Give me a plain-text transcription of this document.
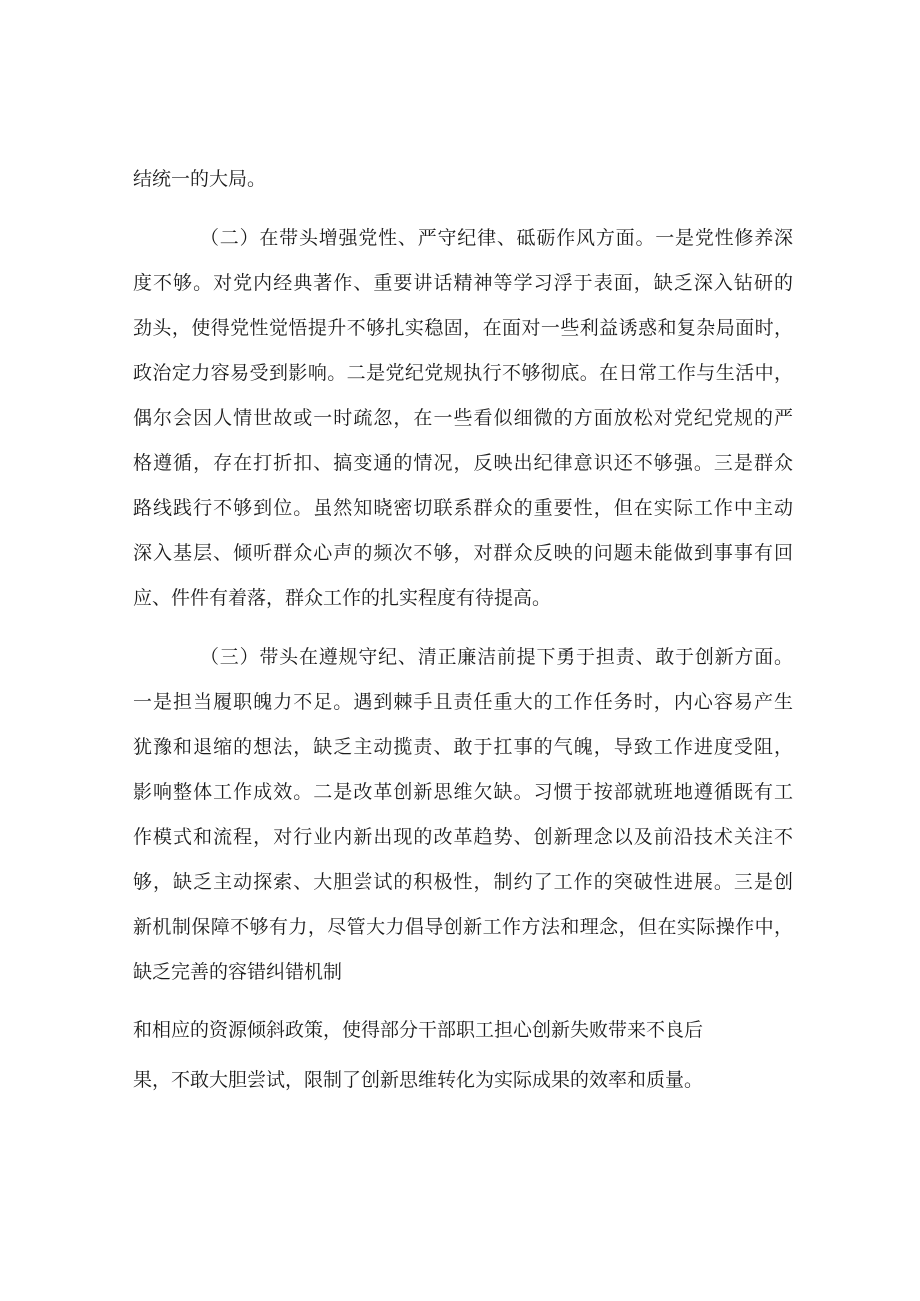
结统一的大局。
（二）在带头增强党性、严守纪律、砥砺作风方面。一是党性修养深
度不够。对党内经典著作、重要讲话精神等学习浮于表面，缺乏深入钻研的
劲头，使得党性觉悟提升不够扎实稳固，在面对一些利益诱惑和复杂局面时，
政治定力容易受到影响。二是党纪党规执行不够彻底。在日常工作与生活中，
偶尔会因人情世故或一时疏忽，在一些看似细微的方面放松对党纪党规的严
格遵循，存在打折扣、搞变通的情况，反映出纪律意识还不够强。三是群众
路线践行不够到位。虽然知晓密切联系群众的重要性，但在实际工作中主动
深入基层、倾听群众心声的频次不够，对群众反映的问题未能做到事事有回
应、件件有着落，群众工作的扎实程度有待提高。
（三）带头在遵规守纪、清正廉洁前提下勇于担责、敢于创新方面。
一是担当履职魄力不足。遇到棘手且责任重大的工作任务时，内心容易产生
犹豫和退缩的想法，缺乏主动揽责、敢于扛事的气魄，导致工作进度受阻，
影响整体工作成效。二是改革创新思维欠缺。习惯于按部就班地遵循既有工
作模式和流程，对行业内新出现的改革趋势、创新理念以及前沿技术关注不
够，缺乏主动探索、大胆尝试的积极性，制约了工作的突破性进展。三是创
新机制保障不够有力，尽管大力倡导创新工作方法和理念，但在实际操作中，
缺乏完善的容错纠错机制
和相应的资源倾斜政策，使得部分干部职工担心创新失败带来不良后
果，不敢大胆尝试，限制了创新思维转化为实际成果的效率和质量。
